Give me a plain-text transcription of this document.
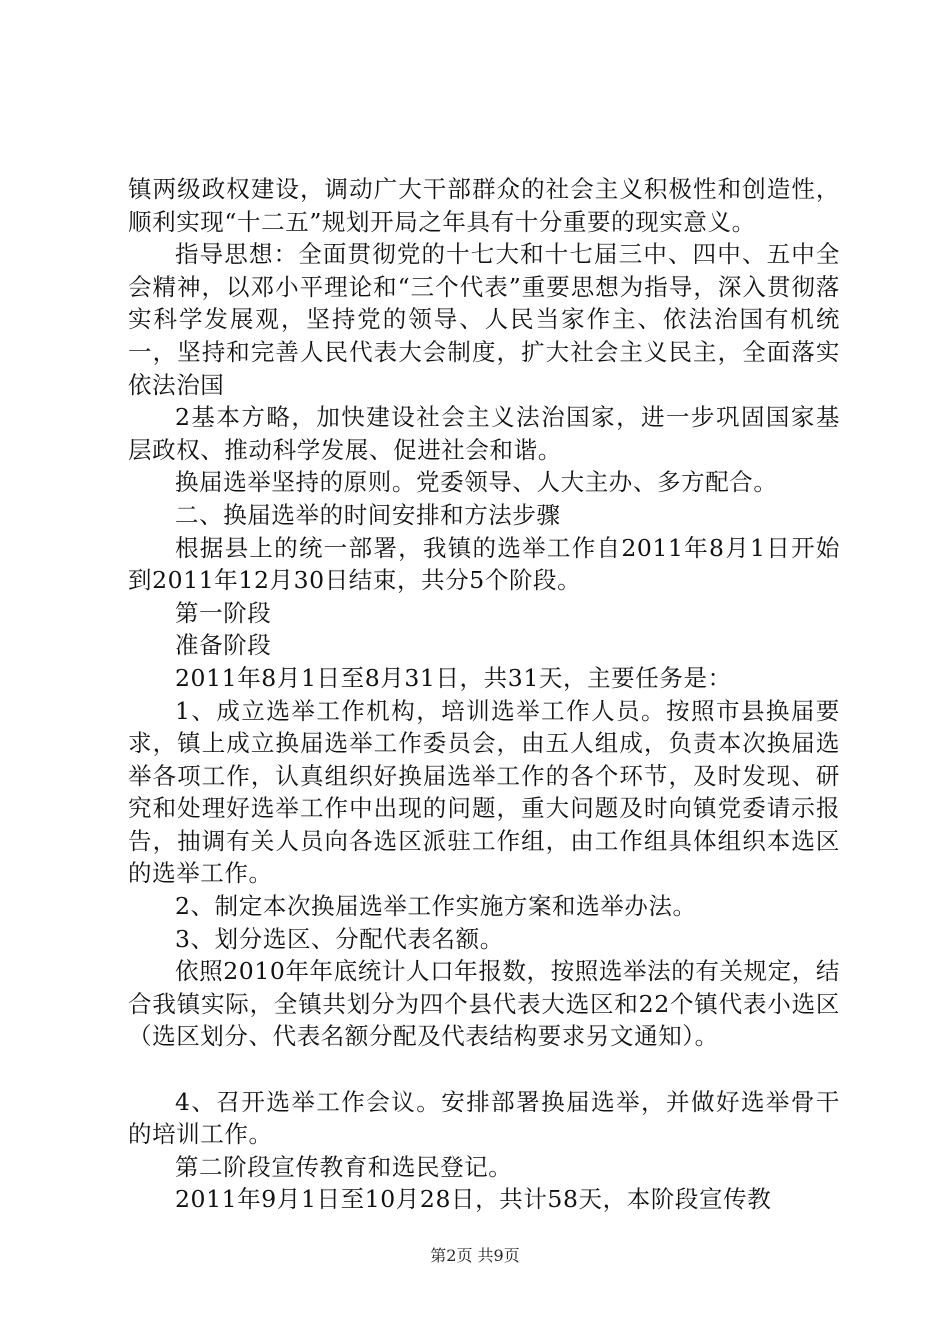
镇两级政权建设，调动广大干部群众的社会主义积极性和创造性，顺利实现“十二五”规划开局之年具有十分重要的现实意义。

指导思想：全面贯彻党的十七大和十七届三中、四中、五中全会精神，以邓小平理论和“三个代表”重要思想为指导，深入贯彻落实科学发展观，坚持党的领导、人民当家作主、依法治国有机统一，坚持和完善人民代表大会制度，扩大社会主义民主，全面落实依法治国

2基本方略，加快建设社会主义法治国家，进一步巩固国家基层政权、推动科学发展、促进社会和谐。

换届选举坚持的原则。党委领导、人大主办、多方配合。

二、换届选举的时间安排和方法步骤

根据县上的统一部署，我镇的选举工作自2011年8月1日开始到2011年12月30日结束，共分5个阶段。

第一阶段

准备阶段

2011年8月1日至8月31日，共31天，主要任务是：

1、成立选举工作机构，培训选举工作人员。按照市县换届要求，镇上成立换届选举工作委员会，由五人组成，负责本次换届选举各项工作，认真组织好换届选举工作的各个环节，及时发现、研究和处理好选举工作中出现的问题，重大问题及时向镇党委请示报告，抽调有关人员向各选区派驻工作组，由工作组具体组织本选区的选举工作。

2、制定本次换届选举工作实施方案和选举办法。

3、划分选区、分配代表名额。

依照2010年年底统计人口年报数，按照选举法的有关规定，结合我镇实际，全镇共划分为四个县代表大选区和22个镇代表小选区（选区划分、代表名额分配及代表结构要求另文通知）。

4、召开选举工作会议。安排部署换届选举，并做好选举骨干的培训工作。

第二阶段宣传教育和选民登记。

2011年9月1日至10月28日，共计58天，本阶段宣传教

第2页 共9页
